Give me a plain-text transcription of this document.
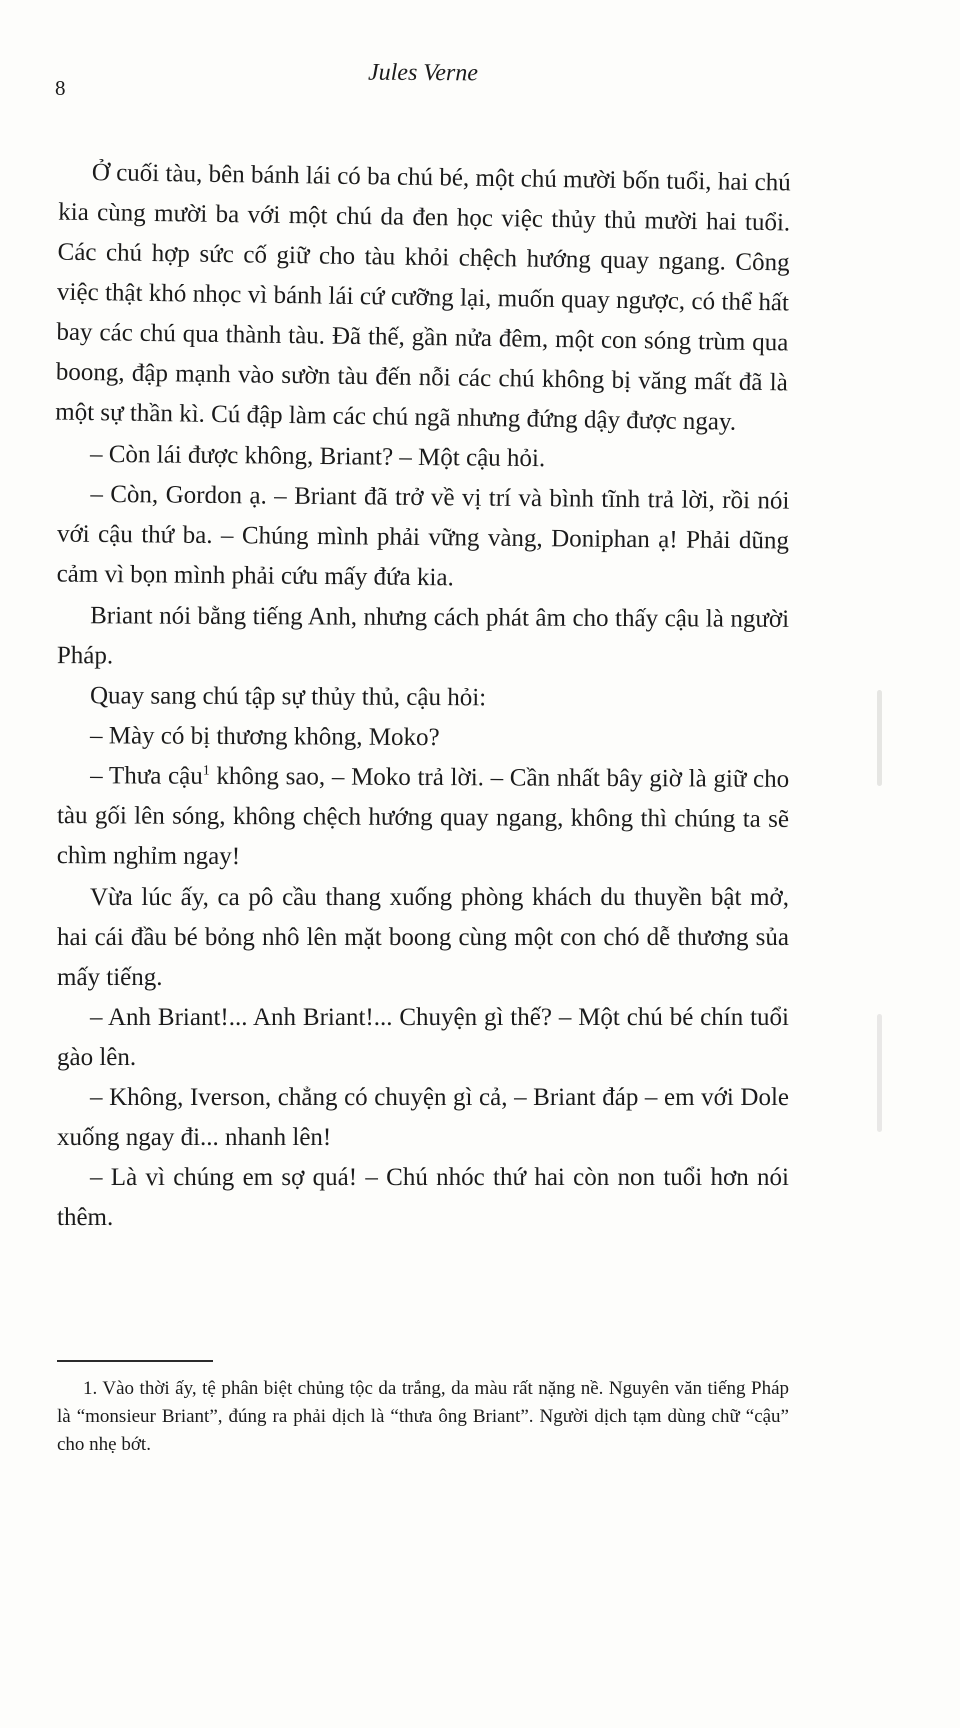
8
Jules Verne

Ở cuối tàu, bên bánh lái có ba chú bé, một chú mười bốn tuổi, hai chú kia cùng mười ba với một chú da đen học việc thủy thủ mười hai tuổi. Các chú hợp sức cố giữ cho tàu khỏi chệch hướng quay ngang. Công việc thật khó nhọc vì bánh lái cứ cưỡng lại, muốn quay ngược, có thể hất bay các chú qua thành tàu. Đã thế, gần nửa đêm, một con sóng trùm qua boong, đập mạnh vào sườn tàu đến nỗi các chú không bị văng mất đã là một sự thần kì. Cú đập làm các chú ngã nhưng đứng dậy được ngay.

– Còn lái được không, Briant? – Một cậu hỏi.

– Còn, Gordon ạ. – Briant đã trở về vị trí và bình tĩnh trả lời, rồi nói với cậu thứ ba. – Chúng mình phải vững vàng, Doniphan ạ! Phải dũng cảm vì bọn mình phải cứu mấy đứa kia.

Briant nói bằng tiếng Anh, nhưng cách phát âm cho thấy cậu là người Pháp.

Quay sang chú tập sự thủy thủ, cậu hỏi:

– Mày có bị thương không, Moko?

– Thưa cậu$^1$ không sao, – Moko trả lời. – Cần nhất bây giờ là giữ cho tàu gối lên sóng, không chệch hướng quay ngang, không thì chúng ta sẽ chìm nghỉm ngay!

Vừa lúc ấy, ca pô cầu thang xuống phòng khách du thuyền bật mở, hai cái đầu bé bỏng nhô lên mặt boong cùng một con chó dễ thương sủa mấy tiếng.

– Anh Briant!... Anh Briant!... Chuyện gì thế? – Một chú bé chín tuổi gào lên.

– Không, Iverson, chẳng có chuyện gì cả, – Briant đáp – em với Dole xuống ngay đi... nhanh lên!

– Là vì chúng em sợ quá! – Chú nhóc thứ hai còn non tuổi hơn nói thêm.

1. Vào thời ấy, tệ phân biệt chủng tộc da trắng, da màu rất nặng nề. Nguyên văn tiếng Pháp là “monsieur Briant”, đúng ra phải dịch là “thưa ông Briant”. Người dịch tạm dùng chữ “cậu” cho nhẹ bớt.
